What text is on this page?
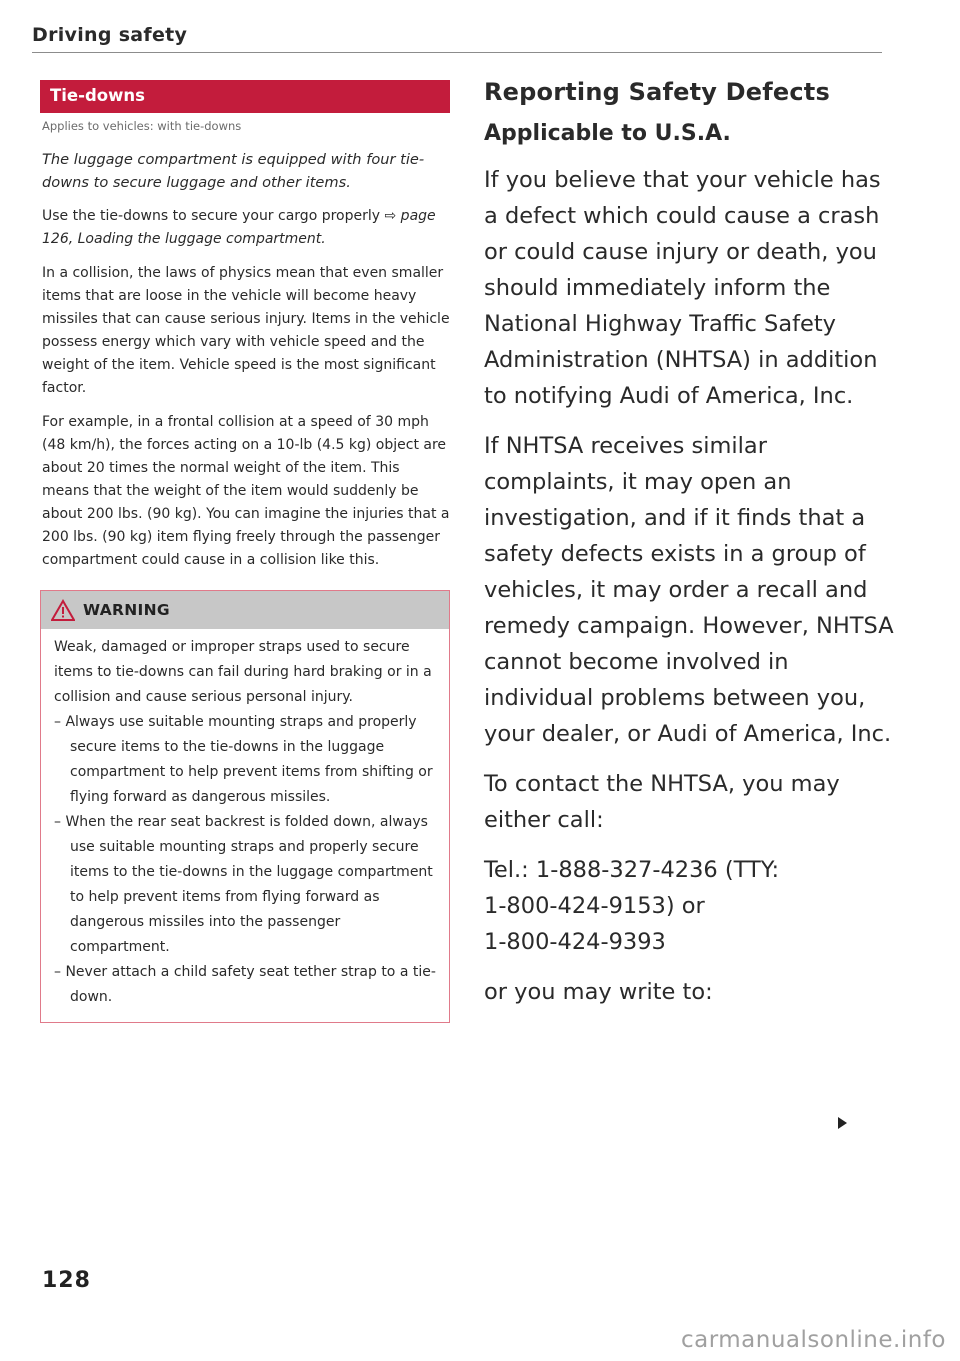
Driving safety
Tie-downs
Applies to vehicles: with tie-downs
The luggage compartment is equipped with four tie-downs to secure luggage and other items.

Use the tie-downs to secure your cargo properly ⇨ page 126, Loading the luggage compartment.

In a collision, the laws of physics mean that even smaller items that are loose in the vehicle will become heavy missiles that can cause serious injury. Items in the vehicle possess energy which vary with vehicle speed and the weight of the item. Vehicle speed is the most significant factor.

For example, in a frontal collision at a speed of 30 mph (48 km/h), the forces acting on a 10-lb (4.5 kg) object are about 20 times the normal weight of the item. This means that the weight of the item would suddenly be about 200 lbs. (90 kg). You can imagine the injuries that a 200 lbs. (90 kg) item flying freely through the passenger compartment could cause in a collision like this.

WARNING

Weak, damaged or improper straps used to secure items to tie-downs can fail during hard braking or in a collision and cause serious personal injury.

– Always use suitable mounting straps and properly secure items to the tie-downs in the luggage compartment to help prevent items from shifting or flying forward as dangerous missiles.
– When the rear seat backrest is folded down, always use suitable mounting straps and properly secure items to the tie-downs in the luggage compartment to help prevent items from flying forward as dangerous missiles into the passenger compartment.
– Never attach a child safety seat tether strap to a tie-down.
Reporting Safety Defects
Applicable to U.S.A.

If you believe that your vehicle has a defect which could cause a crash or could cause injury or death, you should immediately inform the National Highway Traffic Safety Administration (NHTSA) in addition to notifying Audi of America, Inc.

If NHTSA receives similar complaints, it may open an investigation, and if it finds that a safety defects exists in a group of vehicles, it may order a recall and remedy campaign. However, NHTSA cannot become involved in individual problems between you, your dealer, or Audi of America, Inc.

To contact the NHTSA, you may either call:

Tel.: 1-888-327-4236 (TTY:
1-800-424-9153) or
1-800-424-9393

or you may write to:

128
carmanualsonline.info
